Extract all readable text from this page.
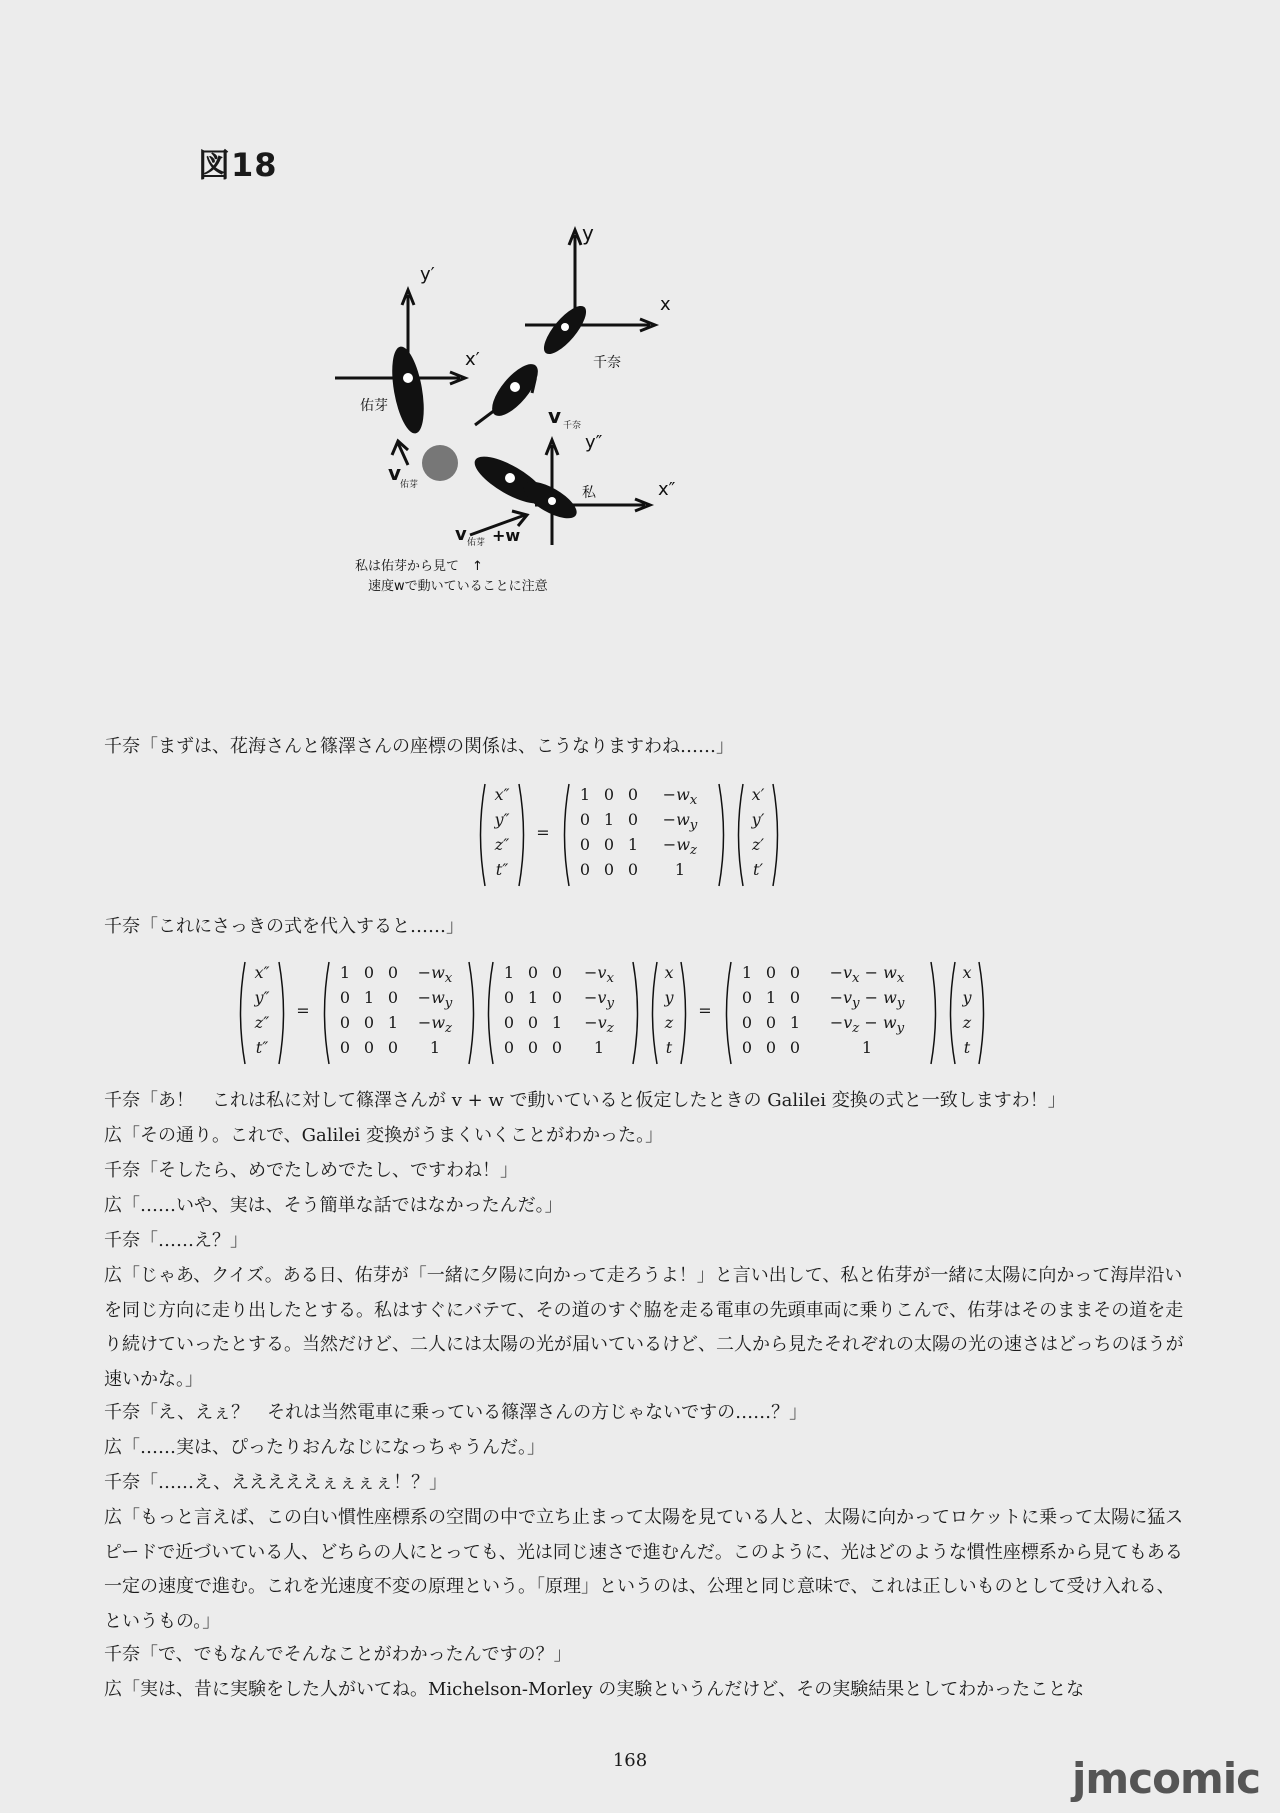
図18
y′
x′
y
x
y″
x″
佑芽
千奈
私
v 千奈
v
佑芽
v 佑芽 +w
私は佑芽から見て　↑
速度wで動いていることに注意
千奈「まずは、花海さんと篠澤さんの座標の関係は、こうなりますわね……」
x″
y″
z″
t″
=
1
0
0
0
0
1
0
0
0
0
1
0
$-w_x$
$-w_y$
$-w_z$
1
x′
y′
z′
t′
千奈「これにさっきの式を代入すると……」
x″
y″
z″
t″
=
1
0
0
0
0
1
0
0
0
0
1
0
$-w_x$
$-w_y$
$-w_z$
1
1
0
0
0
0
1
0
0
0
0
1
0
$-v_x$
$-v_y$
$-v_z$
1
x
y
z
t
=
1
0
0
0
0
1
0
0
0
0
1
0
$-v_x - w_x$
$-v_y - w_y$
$-v_z - w_y$
1
x
y
z
t
千奈「あ！　これは私に対して篠澤さんが v + w で動いていると仮定したときの Galilei 変換の式と一致しますわ！」
広「その通り。これで、Galilei 変換がうまくいくことがわかった。」
千奈「そしたら、めでたしめでたし、ですわね！」
広「……いや、実は、そう簡単な話ではなかったんだ。」
千奈「……え？」
広「じゃあ、クイズ。ある日、佑芽が「一緒に夕陽に向かって走ろうよ！」と言い出して、私と佑芽が一緒に太陽に向かって海岸沿いを同じ方向に走り出したとする。私はすぐにバテて、その道のすぐ脇を走る電車の先頭車両に乗りこんで、佑芽はそのままその道を走り続けていったとする。当然だけど、二人には太陽の光が届いているけど、二人から見たそれぞれの太陽の光の速さはどっちのほうが速いかな。」
千奈「え、えぇ？　それは当然電車に乗っている篠澤さんの方じゃないですの……？」
広「……実は、ぴったりおんなじになっちゃうんだ。」
千奈「……え、えええええぇぇぇぇ！？」
広「もっと言えば、この白い慣性座標系の空間の中で立ち止まって太陽を見ている人と、太陽に向かってロケットに乗って太陽に猛スピードで近づいている人、どちらの人にとっても、光は同じ速さで進むんだ。このように、光はどのような慣性座標系から見てもある一定の速度で進む。これを光速度不変の原理という。「原理」というのは、公理と同じ意味で、これは正しいものとして受け入れる、というもの。」
千奈「で、でもなんでそんなことがわかったんですの？」
広「実は、昔に実験をした人がいてね。Michelson-Morley の実験というんだけど、その実験結果としてわかったことな
168	jmcomic
